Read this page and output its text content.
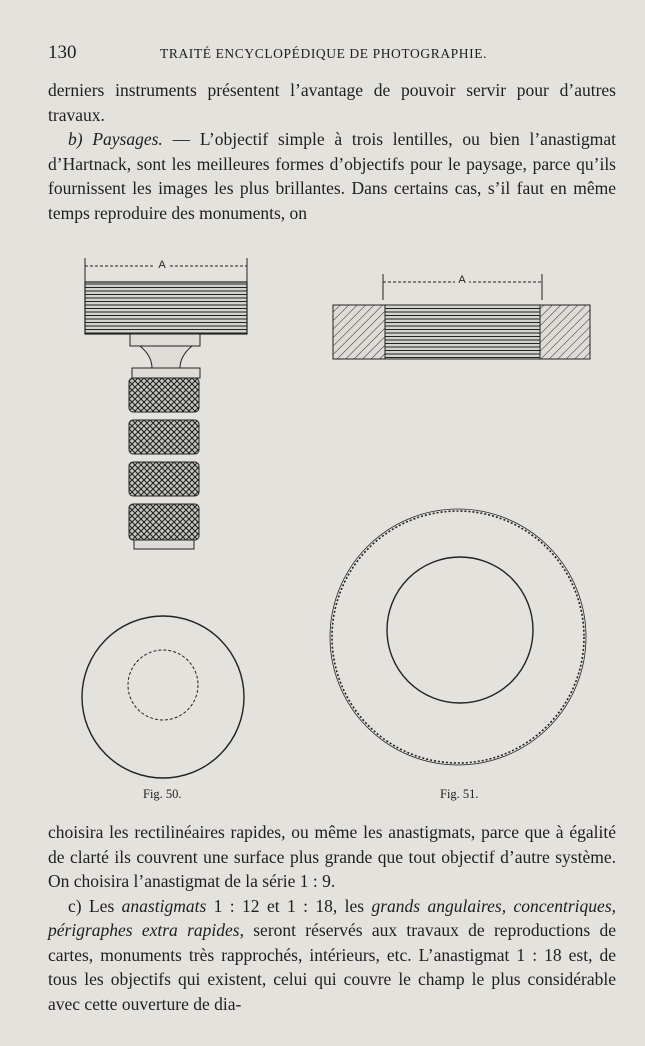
130	TRAITÉ ENCYCLOPÉDIQUE DE PHOTOGRAPHIE.

derniers instruments présentent l’avantage de pouvoir servir pour d’autres travaux.

b) Paysages. — L’objectif simple à trois lentilles, ou bien l’anastigmat d’Hartnack, sont les meilleures formes d’objectifs pour le paysage, parce qu’ils fournissent les images les plus brillantes. Dans certains cas, s’il faut en même temps reproduire des monuments, on

A
A
Fig. 50.	Fig. 51.

choisira les rectilinéaires rapides, ou même les anastigmats, parce que à égalité de clarté ils couvrent une surface plus grande que tout objectif d’autre système. On choisira l’anastigmat de la série 1 : 9.

c) Les anastigmats 1 : 12 et 1 : 18, les grands angulaires, concentriques, périgraphes extra rapides, seront réservés aux travaux de reproductions de cartes, monuments très rapprochés, intérieurs, etc. L’anastigmat 1 : 18 est, de tous les objectifs qui existent, celui qui couvre le champ le plus considérable avec cette ouverture de dia-
